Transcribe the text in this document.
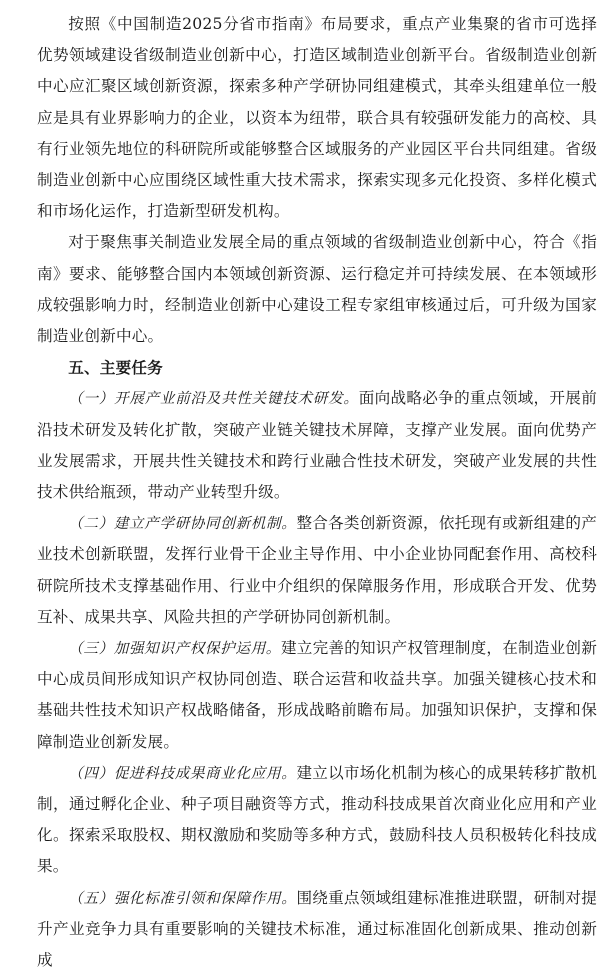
按照《中国制造2025分省市指南》布局要求，重点产业集聚的省市可选择优势领域建设省级制造业创新中心，打造区域制造业创新平台。省级制造业创新中心应汇聚区域创新资源，探索多种产学研协同组建模式，其牵头组建单位一般应是具有业界影响力的企业，以资本为纽带，联合具有较强研发能力的高校、具有行业领先地位的科研院所或能够整合区域服务的产业园区平台共同组建。省级制造业创新中心应围绕区域性重大技术需求，探索实现多元化投资、多样化模式和市场化运作，打造新型研发机构。

对于聚焦事关制造业发展全局的重点领域的省级制造业创新中心，符合《指南》要求、能够整合国内本领域创新资源、运行稳定并可持续发展、在本领域形成较强影响力时，经制造业创新中心建设工程专家组审核通过后，可升级为国家制造业创新中心。

五、主要任务

（一）开展产业前沿及共性关键技术研发。面向战略必争的重点领域，开展前沿技术研发及转化扩散，突破产业链关键技术屏障，支撑产业发展。面向优势产业发展需求，开展共性关键技术和跨行业融合性技术研发，突破产业发展的共性技术供给瓶颈，带动产业转型升级。

（二）建立产学研协同创新机制。整合各类创新资源，依托现有或新组建的产业技术创新联盟，发挥行业骨干企业主导作用、中小企业协同配套作用、高校科研院所技术支撑基础作用、行业中介组织的保障服务作用，形成联合开发、优势互补、成果共享、风险共担的产学研协同创新机制。

（三）加强知识产权保护运用。建立完善的知识产权管理制度，在制造业创新中心成员间形成知识产权协同创造、联合运营和收益共享。加强关键核心技术和基础共性技术知识产权战略储备，形成战略前瞻布局。加强知识保护，支撑和保障制造业创新发展。

（四）促进科技成果商业化应用。建立以市场化机制为核心的成果转移扩散机制，通过孵化企业、种子项目融资等方式，推动科技成果首次商业化应用和产业化。探索采取股权、期权激励和奖励等多种方式，鼓励科技人员积极转化科技成果。

（五）强化标准引领和保障作用。围绕重点领域组建标准推进联盟，研制对提升产业竞争力具有重要影响的关键技术标准，通过标准固化创新成果、推动创新成
